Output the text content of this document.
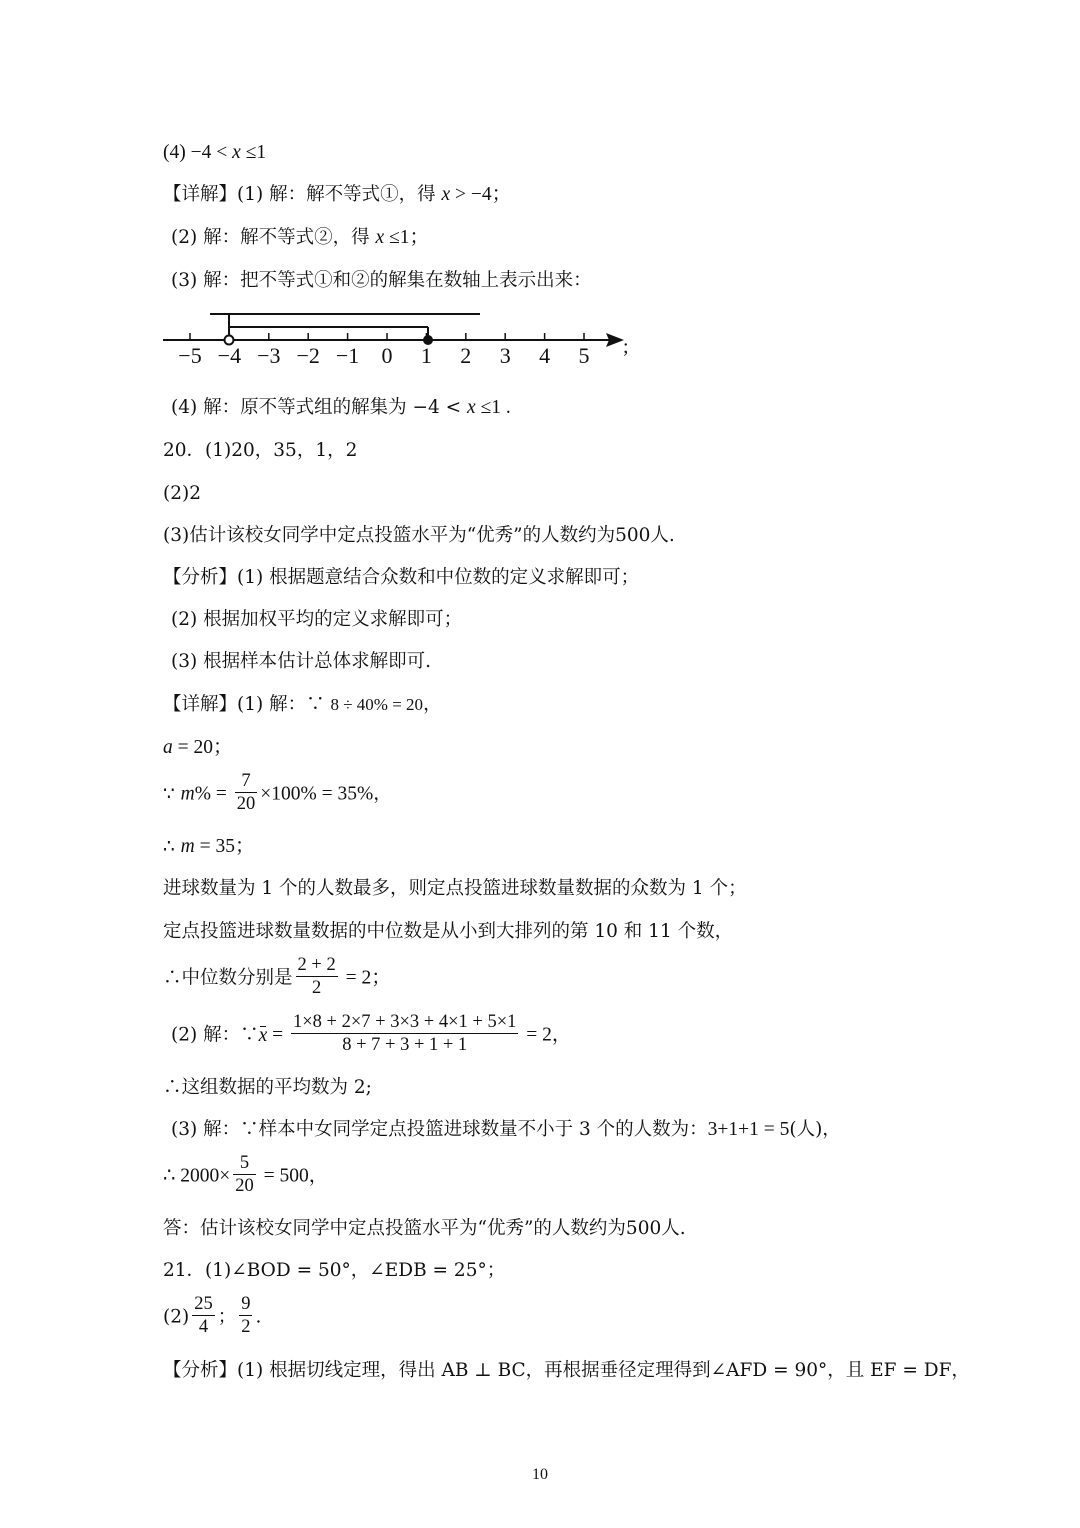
(4) −4 < x ≤1
【详解】(1) 解：解不等式①，得 x > −4；
(2) 解：解不等式②，得 x ≤1；
(3) 解：把不等式①和②的解集在数轴上表示出来：
−5 −4 −3 −2 −1 0 1 2 3 4 5 ;
(4) 解：原不等式组的解集为 −4 < x ≤1 .
20．(1)20，35，1，2
(2)2
(3)估计该校女同学中定点投篮水平为“优秀”的人数约为500人.
【分析】(1) 根据题意结合众数和中位数的定义求解即可；
(2) 根据加权平均的定义求解即可；
(3) 根据样本估计总体求解即可.
【详解】(1) 解：∵ 8 ÷ 40% = 20，
a = 20；
∵ $m\% = \frac{7}{20} \times 100\% = 35\%$，
∴ m = 35；
进球数量为 1 个的人数最多，则定点投篮进球数量数据的众数为 1 个；
定点投篮进球数量数据的中位数是从小到大排列的第 10 和 11 个数，
∴中位数分别是 $\frac{2 + 2}{2} = 2$；
(2) 解：∵x = $\frac{1\times 8 + 2\times 7 + 3\times 3 + 4\times 1 + 5\times 1}{8 + 7 + 3 + 1 + 1} = 2$，
∴这组数据的平均数为 2;
(3) 解：∵样本中女同学定点投篮进球数量不小于 3 个的人数为：3+1+1 = 5(人)，
∴ $2000\times \frac{5}{20} = 500$，
答：估计该校女同学中定点投篮水平为“优秀”的人数约为500人.
21．(1)∠BOD = 50°，∠EDB = 25°；
$(2) \frac{25}{4}$ ； $\frac{9}{2}$ .
【分析】(1) 根据切线定理，得出 AB ⊥ BC，再根据垂径定理得到∠AFD = 90°，且 EF = DF，
10
